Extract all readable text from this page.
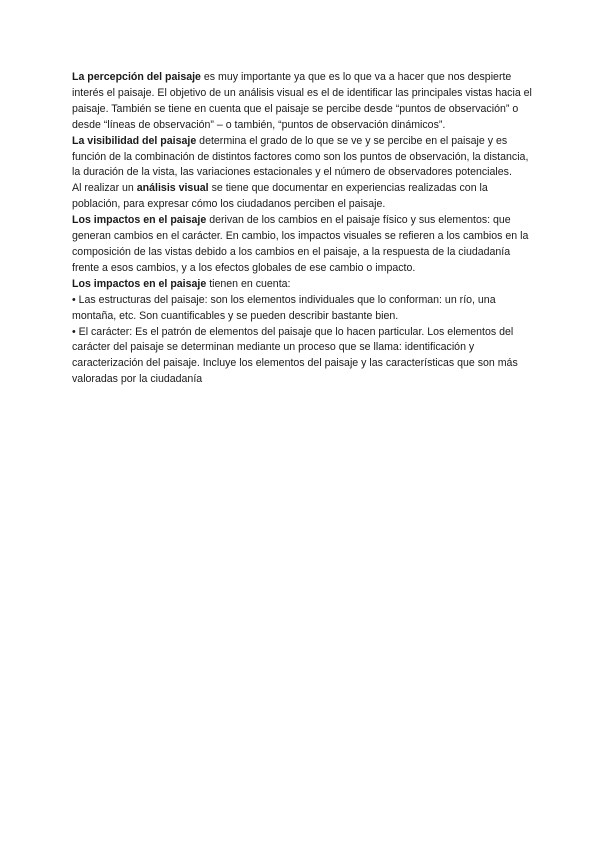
La percepción del paisaje es muy importante ya que es lo que va a hacer que nos despierte interés el paisaje. El objetivo de un análisis visual es el de identificar las principales vistas hacia el paisaje. También se tiene en cuenta que el paisaje se percibe desde “puntos de observación” o desde “líneas de observación” – o también, “puntos de observación dinámicos”.

La visibilidad del paisaje determina el grado de lo que se ve y se percibe en el paisaje y es función de la combinación de distintos factores como son los puntos de observación, la distancia, la duración de la vista, las variaciones estacionales y el número de observadores potenciales.

Al realizar un análisis visual se tiene que documentar en experiencias realizadas con la población, para expresar cómo los ciudadanos perciben el paisaje.

Los impactos en el paisaje derivan de los cambios en el paisaje físico y sus elementos: que generan cambios en el carácter. En cambio, los impactos visuales se refieren a los cambios en la composición de las vistas debido a los cambios en el paisaje, a la respuesta de la ciudadanía frente a esos cambios, y a los efectos globales de ese cambio o impacto.

Los impactos en el paisaje tienen en cuenta:

• Las estructuras del paisaje: son los elementos individuales que lo conforman: un río, una montaña, etc. Son cuantificables y se pueden describir bastante bien.

• El carácter: Es el patrón de elementos del paisaje que lo hacen particular. Los elementos del carácter del paisaje se determinan mediante un proceso que se llama: identificación y caracterización del paisaje. Incluye los elementos del paisaje y las características que son más valoradas por la ciudadanía
